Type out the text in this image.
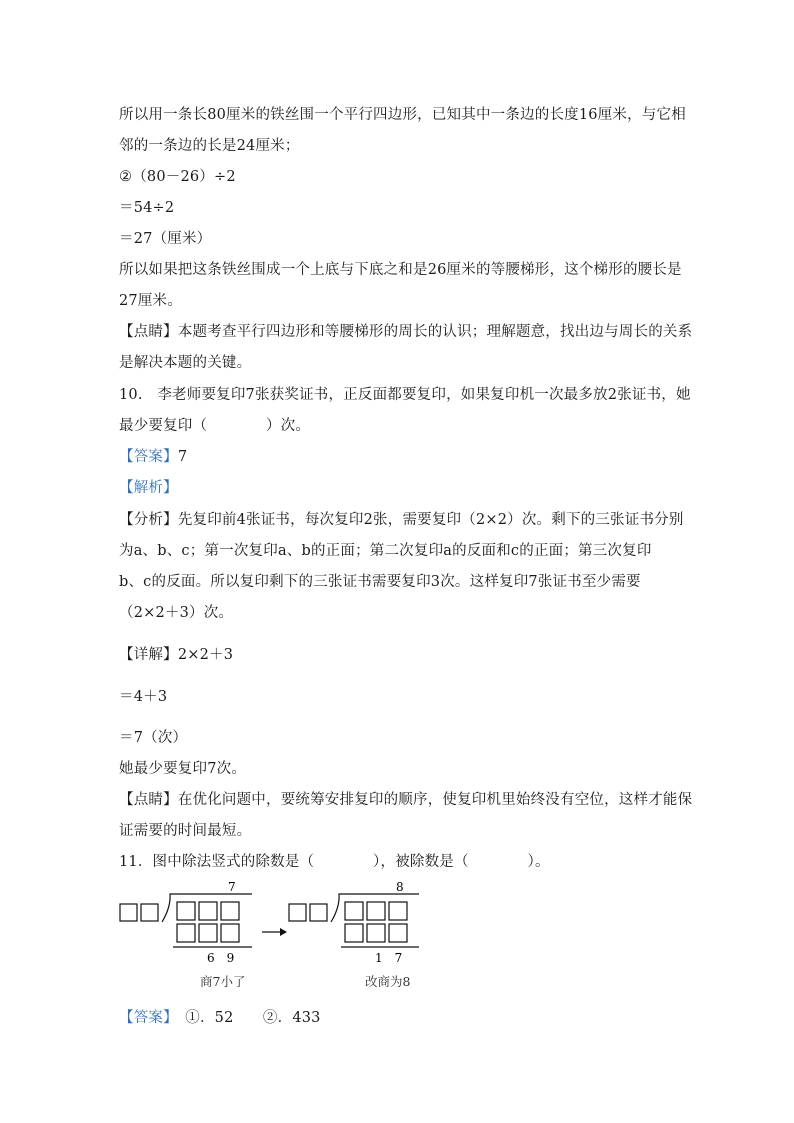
所以用一条长80厘米的铁丝围一个平行四边形，已知其中一条边的长度16厘米，与它相
邻的一条边的长是24厘米；
②（80－26）÷2
＝54÷2
＝27（厘米）
所以如果把这条铁丝围成一个上底与下底之和是26厘米的等腰梯形，这个梯形的腰长是
27厘米。
【点睛】本题考查平行四边形和等腰梯形的周长的认识；理解题意，找出边与周长的关系
是解决本题的关键。
10.　李老师要复印7张获奖证书，正反面都要复印，如果复印机一次最多放2张证书，她
最少要复印（　　　　）次。
【答案】7
【解析】
【分析】先复印前4张证书，每次复印2张，需要复印（2×2）次。剩下的三张证书分别
为a、b、c；第一次复印a、b的正面；第二次复印a的反面和c的正面；第三次复印
b、c的反面。所以复印剩下的三张证书需要复印3次。这样复印7张证书至少需要
（2×2＋3）次。
【详解】2×2＋3
＝4＋3
＝7（次）
她最少要复印7次。
【点睛】在优化问题中，要统筹安排复印的顺序，使复印机里始终没有空位，这样才能保
证需要的时间最短。
11．图中除法竖式的除数是（　　　　），被除数是（　　　　）。
【答案】　①．52　　②．433
7
6　9
商7小了
8
1　7
改商为8
